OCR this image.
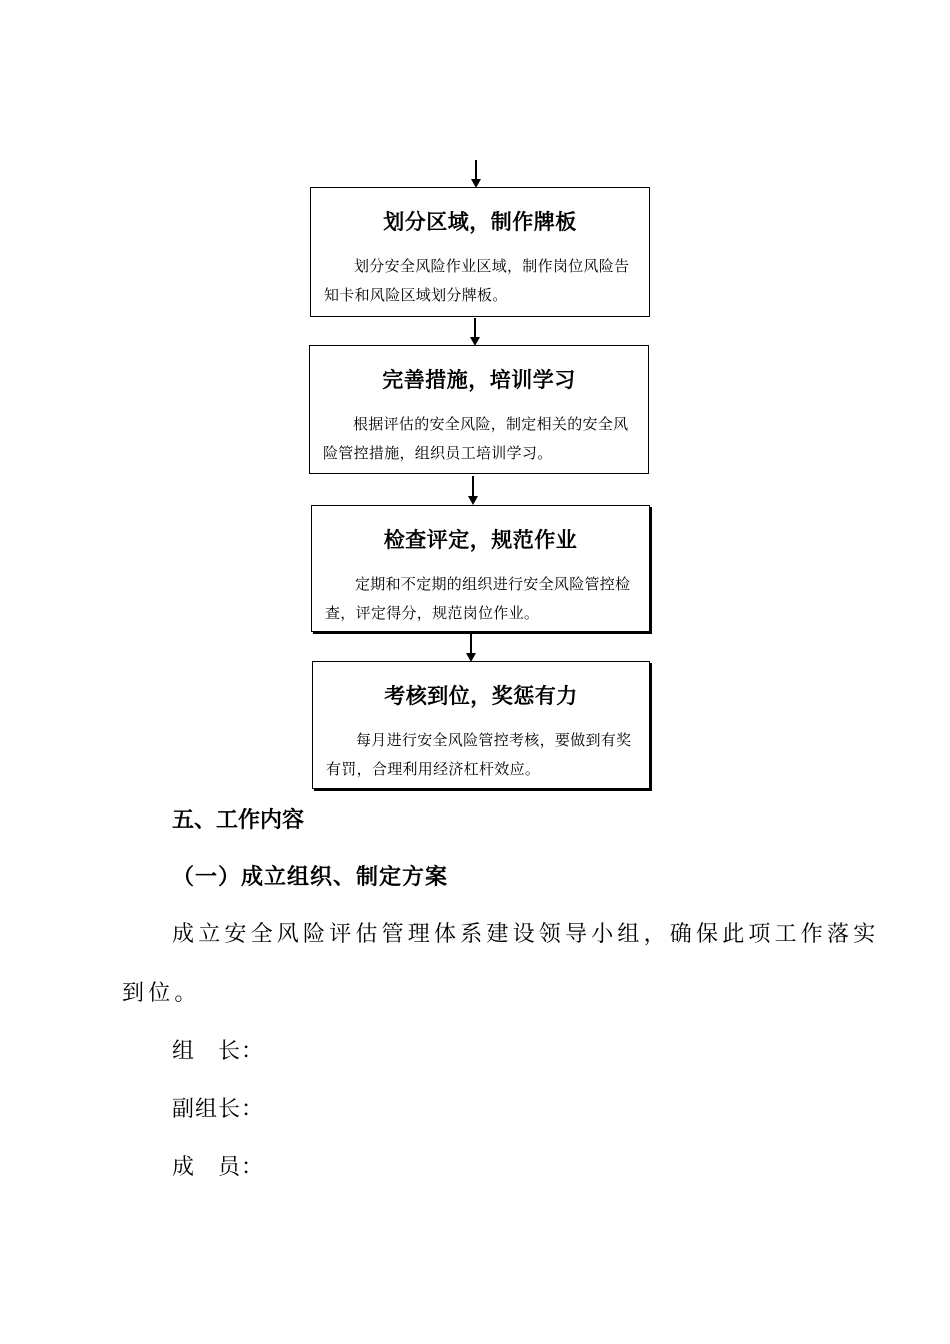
划分区域，制作牌板
划分安全风险作业区域，制作岗位风险告知卡和风险区域划分牌板。
完善措施，培训学习
根据评估的安全风险，制定相关的安全风险管控措施，组织员工培训学习。
检查评定，规范作业
定期和不定期的组织进行安全风险管控检查，评定得分，规范岗位作业。
考核到位，奖惩有力
每月进行安全风险管控考核，要做到有奖有罚，合理利用经济杠杆效应。
五、工作内容
（一）成立组织、制定方案
成立安全风险评估管理体系建设领导小组，确保此项工作落实
到位。
组　长：
副组长：
成　员：
